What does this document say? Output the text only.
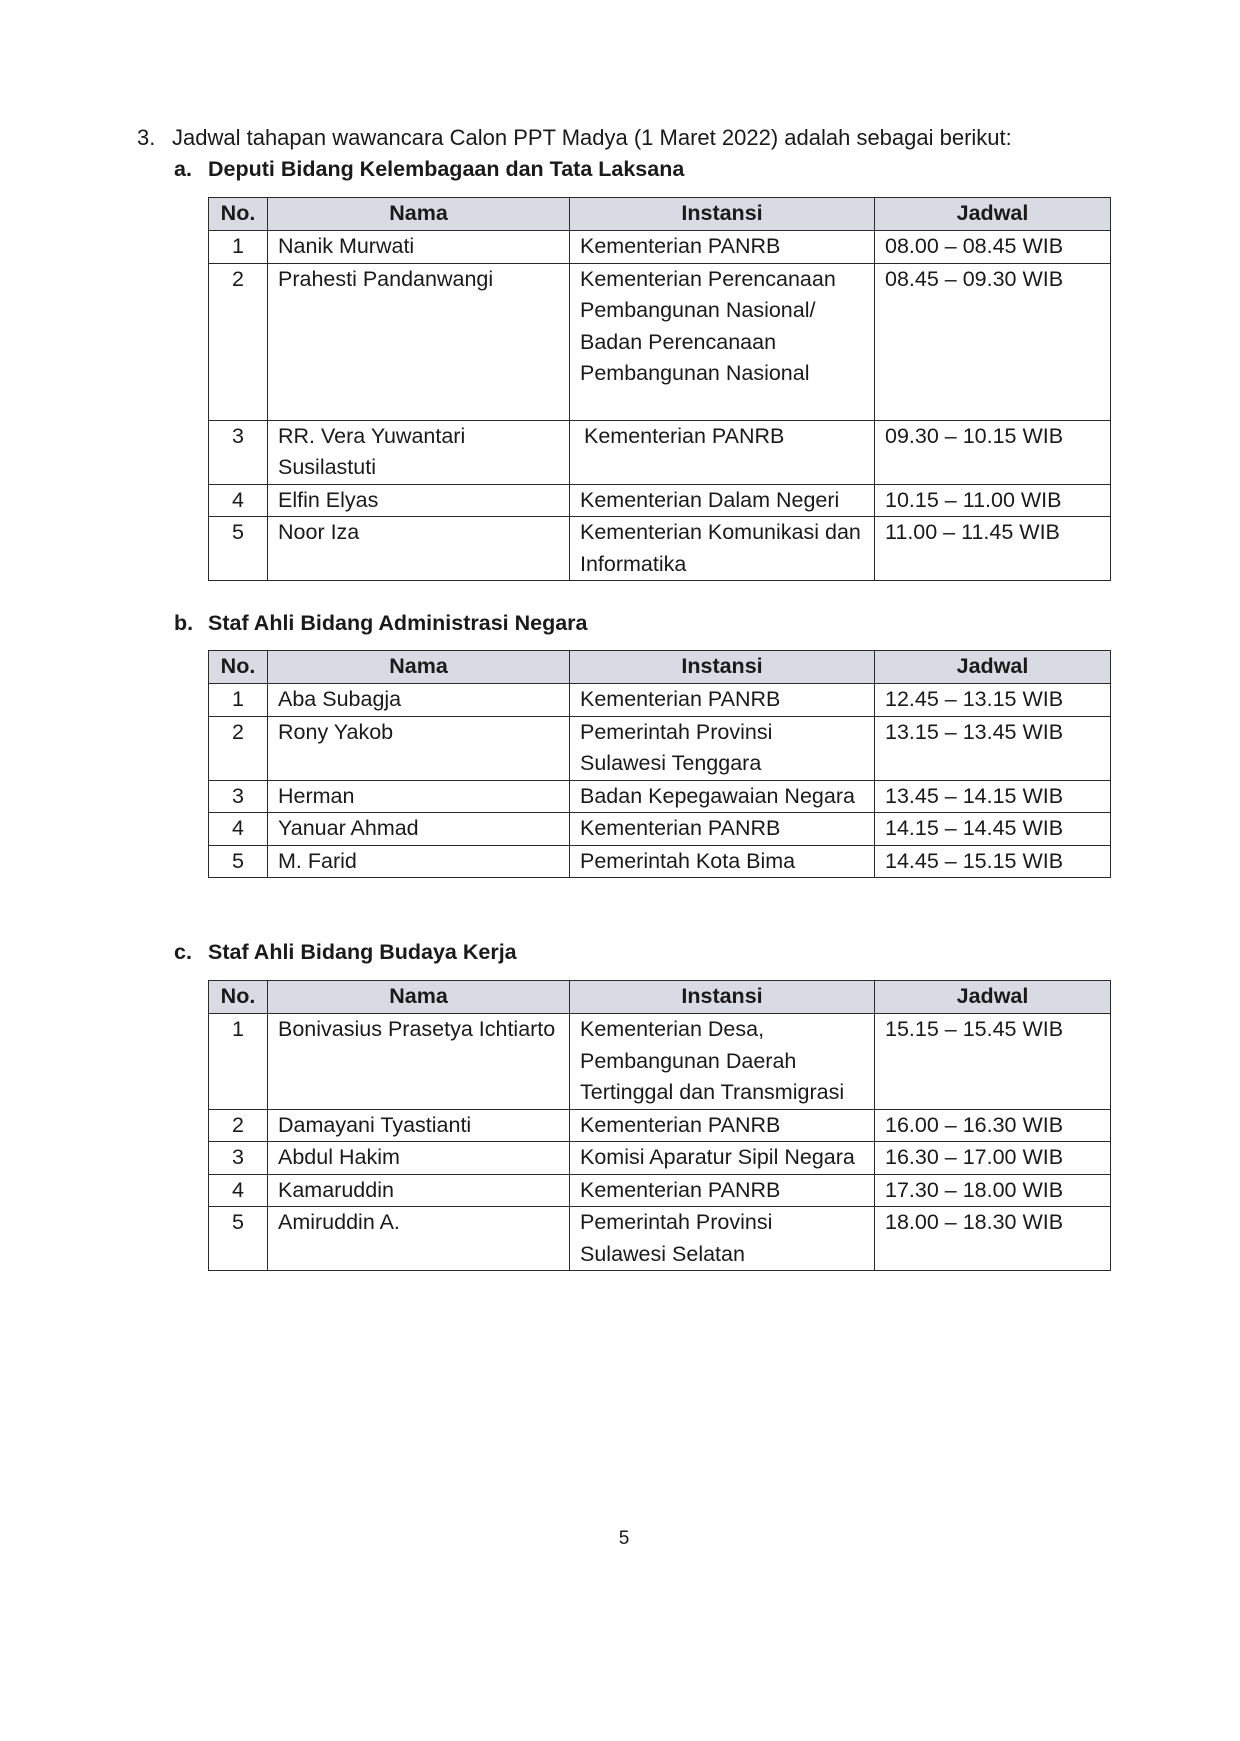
3. Jadwal tahapan wawancara Calon PPT Madya (1 Maret 2022) adalah sebagai berikut:
a. Deputi Bidang Kelembagaan dan Tata Laksana
No.	Nama	Instansi	Jadwal
1	Nanik Murwati	Kementerian PANRB	08.00 – 08.45 WIB
2	Prahesti Pandanwangi	Kementerian Perencanaan Pembangunan Nasional/ Badan Perencanaan Pembangunan Nasional	08.45 – 09.30 WIB
3	RR. Vera Yuwantari Susilastuti	Kementerian PANRB	09.30 – 10.15 WIB
4	Elfin Elyas	Kementerian Dalam Negeri	10.15 – 11.00 WIB
5	Noor Iza	Kementerian Komunikasi dan Informatika	11.00 – 11.45 WIB
b. Staf Ahli Bidang Administrasi Negara
No.	Nama	Instansi	Jadwal
1	Aba Subagja	Kementerian PANRB	12.45 – 13.15 WIB
2	Rony Yakob	Pemerintah Provinsi Sulawesi Tenggara	13.15 – 13.45 WIB
3	Herman	Badan Kepegawaian Negara	13.45 – 14.15 WIB
4	Yanuar Ahmad	Kementerian PANRB	14.15 – 14.45 WIB
5	M. Farid	Pemerintah Kota Bima	14.45 – 15.15 WIB
c. Staf Ahli Bidang Budaya Kerja
No.	Nama	Instansi	Jadwal
1	Bonivasius Prasetya Ichtiarto	Kementerian Desa, Pembangunan Daerah Tertinggal dan Transmigrasi	15.15 – 15.45 WIB
2	Damayani Tyastianti	Kementerian PANRB	16.00 – 16.30 WIB
3	Abdul Hakim	Komisi Aparatur Sipil Negara	16.30 – 17.00 WIB
4	Kamaruddin	Kementerian PANRB	17.30 – 18.00 WIB
5	Amiruddin A.	Pemerintah Provinsi Sulawesi Selatan	18.00 – 18.30 WIB
5
